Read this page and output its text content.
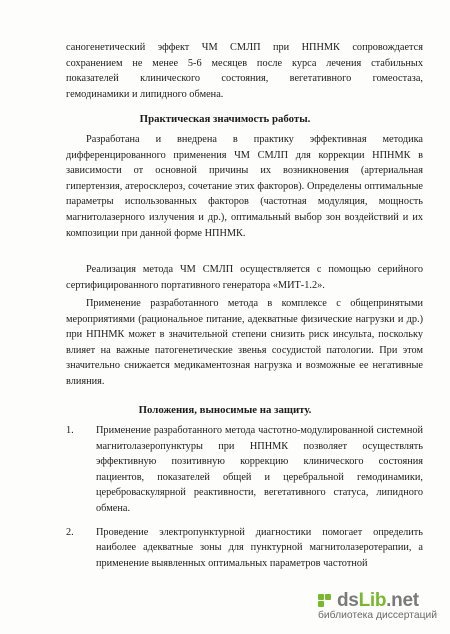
саногенетический эффект ЧМ СМЛП при НПНМК сопровождается
сохранением не менее 5-6 месяцев после курса лечения стабильных
показателей клинического состояния, вегетативного гомеостаза,
гемодинамики и липидного обмена.
Практическая значимость работы.
Разработана и внедрена в практику эффективная методика дифференцированного применения ЧМ СМЛП для коррекции НПНМК в зависимости от основной причины их возникновения (артериальная гипертензия, атеросклероз, сочетание этих факторов). Определены оптимальные параметры использованных факторов (частотная модуляция, мощность магнитолазерного излучения и др.), оптимальный выбор зон воздействий и их композиции при данной форме НПНМК.
Реализация метода ЧМ СМЛП осуществляется с помощью серийного сертифицированного портативного генератора «МИТ-1.2».
Применение разработанного метода в комплексе с общепринятыми мероприятиями (рациональное питание, адекватные физические нагрузки и др.) при НПНМК может в значительной степени снизить риск инсульта, поскольку влияет на важные патогенетические звенья сосудистой патологии. При этом значительно снижается медикаментозная нагрузка и возможные ее негативные влияния.
Положения, выносимые на защиту.
1.	Применение разработанного метода частотно-модулированной системной магнитолазеропунктуры при НПНМК позволяет осуществлять эффективную позитивную коррекцию клинического состояния пациентов, показателей общей и церебральной гемодинамики, цереброваскулярной реактивности, вегетативного статуса, липидного обмена.
2.	Проведение электропунктурной диагностики помогает определить наиболее адекватные зоны для пунктурной магнитолазеротерапии, а применение выявленных оптимальных параметров частотной
dsLib.net
библиотека диссертаций
